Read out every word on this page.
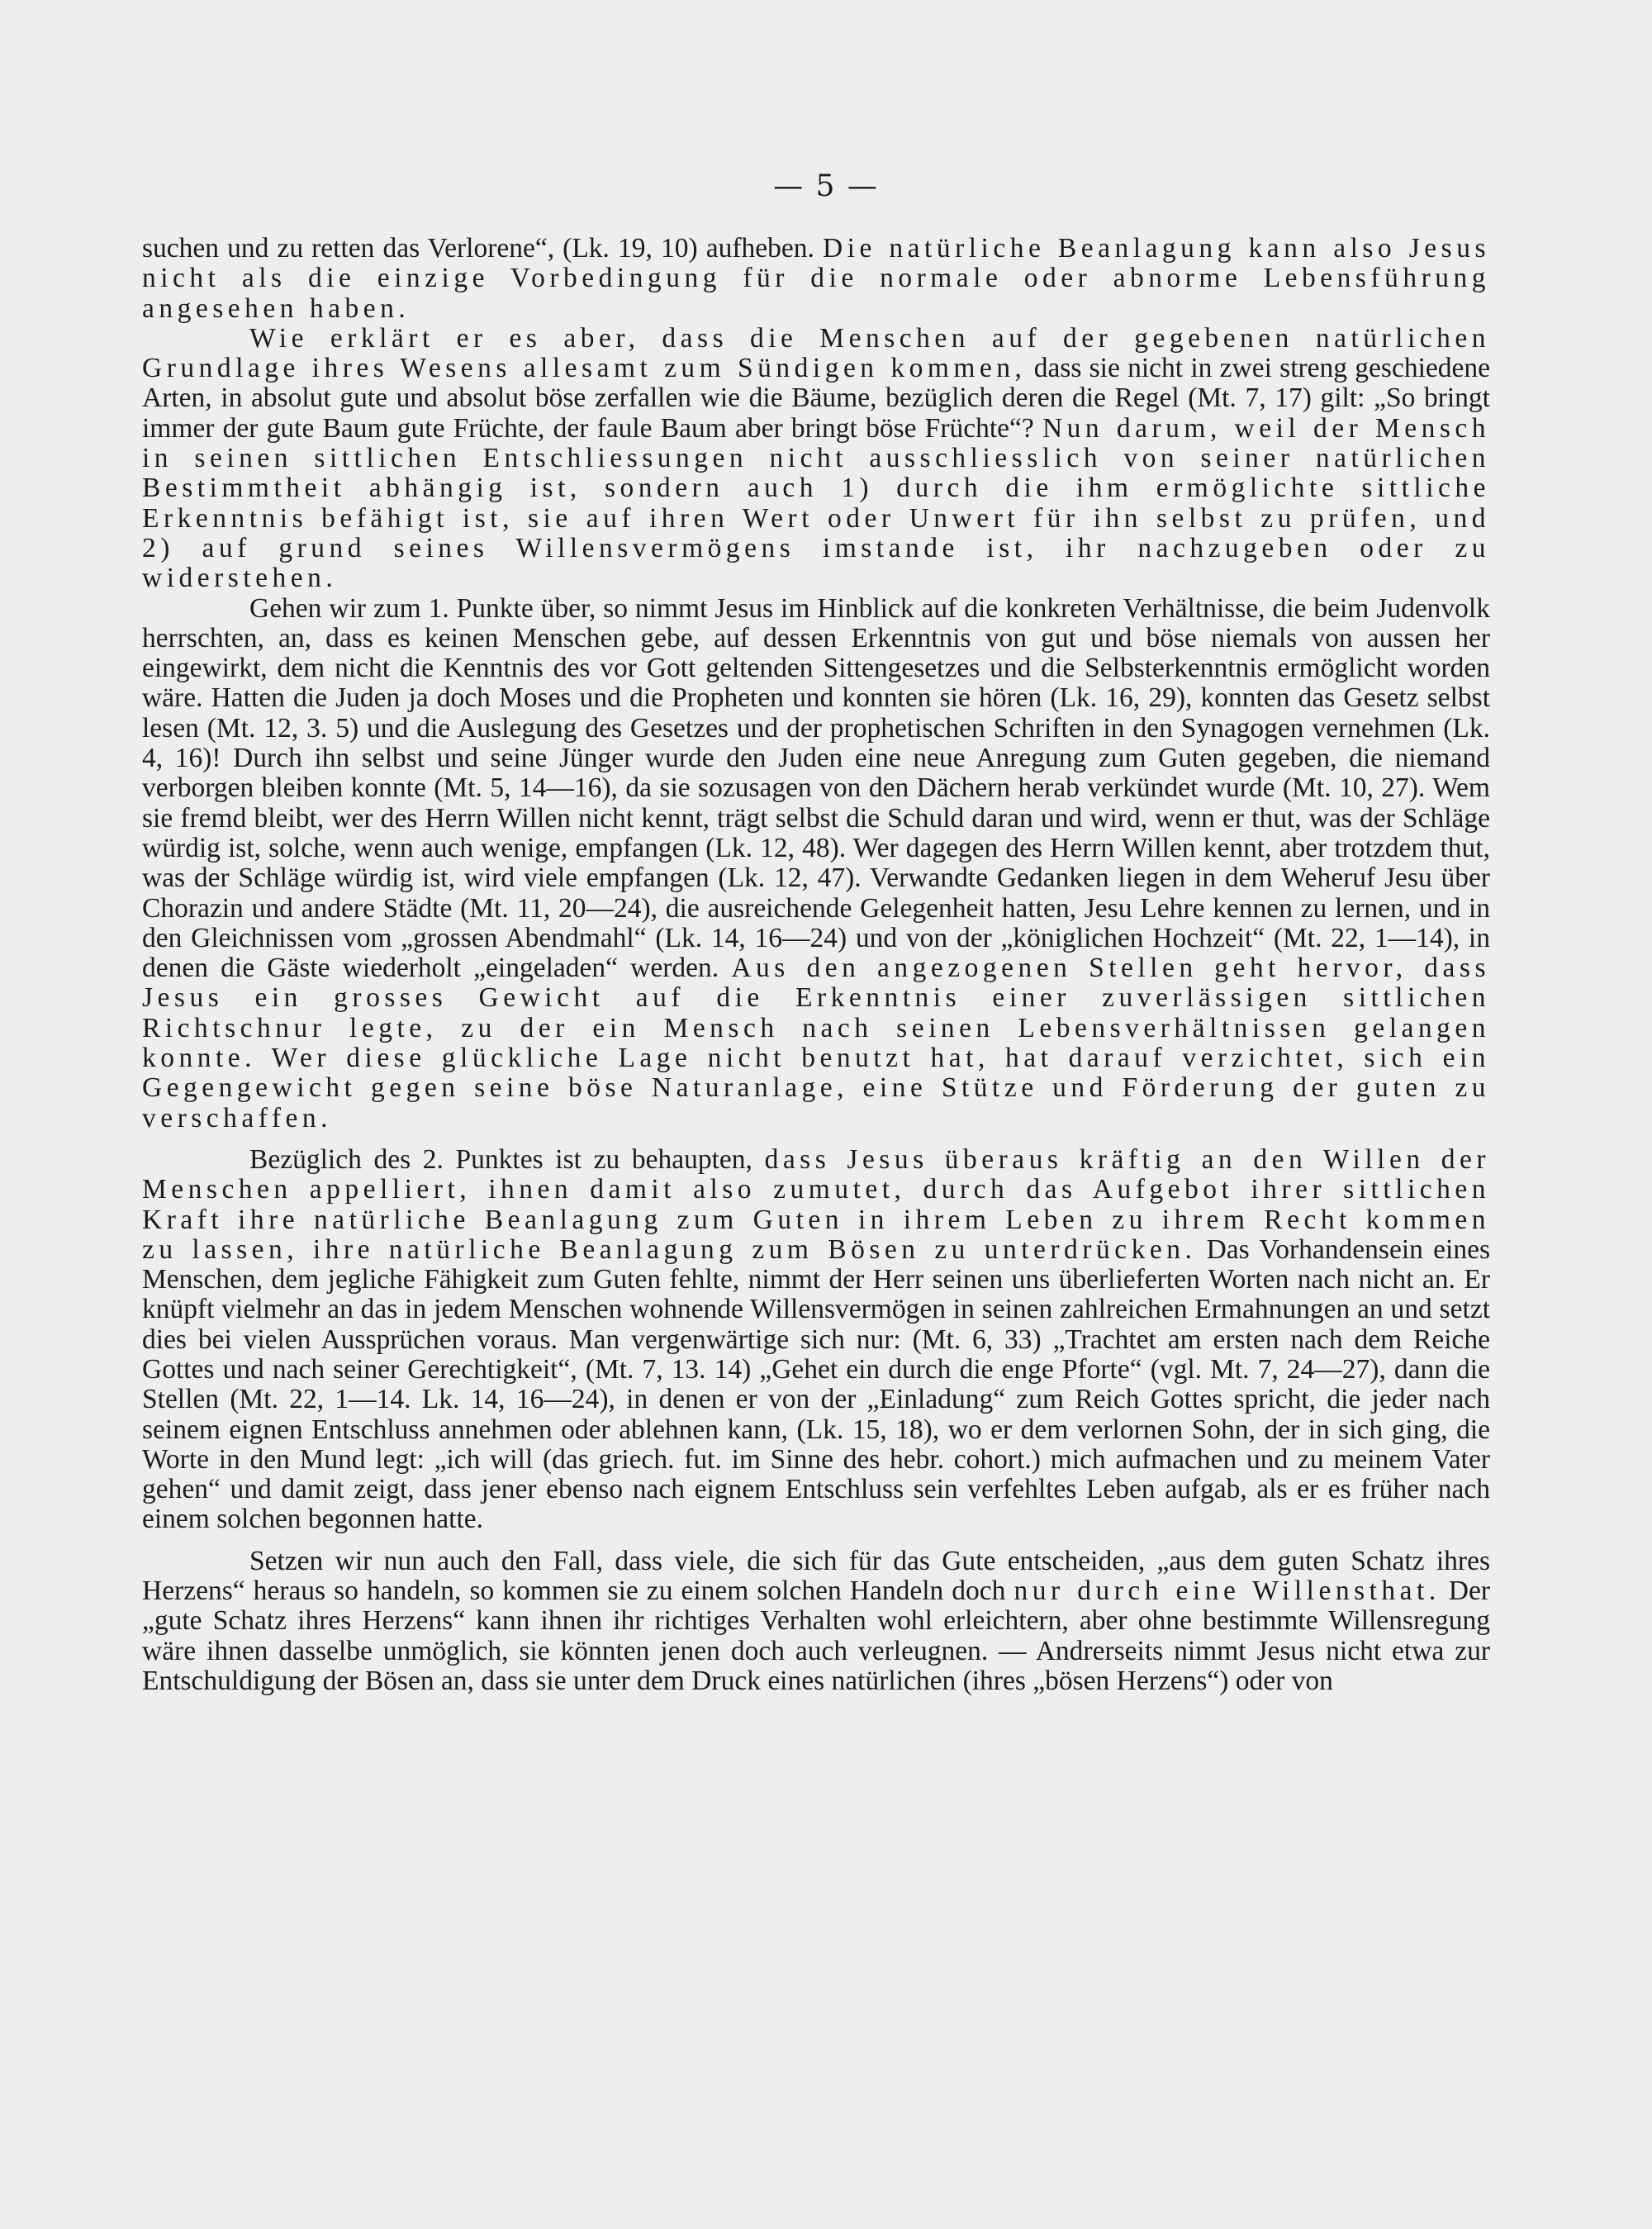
— 5 —

suchen und zu retten das Verlorene“, (Lk. 19, 10) aufheben. Die natürliche Beanlagung kann also Jesus nicht als die einzige Vorbedingung für die normale oder abnorme Lebensführung angesehen haben.

Wie erklärt er es aber, dass die Menschen auf der gegebenen natürlichen Grundlage ihres Wesens allesamt zum Sündigen kommen, dass sie nicht in zwei streng geschiedene Arten, in absolut gute und absolut böse zerfallen wie die Bäume, bezüglich deren die Regel (Mt. 7, 17) gilt: „So bringt immer der gute Baum gute Früchte, der faule Baum aber bringt böse Früchte“? Nun darum, weil der Mensch in seinen sittlichen Entschliessungen nicht ausschliesslich von seiner natürlichen Bestimmtheit abhängig ist, sondern auch 1) durch die ihm ermöglichte sittliche Erkenntnis befähigt ist, sie auf ihren Wert oder Unwert für ihn selbst zu prüfen, und 2) auf grund seines Willensvermögens imstande ist, ihr nachzugeben oder zu widerstehen.

Gehen wir zum 1. Punkte über, so nimmt Jesus im Hinblick auf die konkreten Verhältnisse, die beim Judenvolk herrschten, an, dass es keinen Menschen gebe, auf dessen Erkenntnis von gut und böse niemals von aussen her eingewirkt, dem nicht die Kenntnis des vor Gott geltenden Sittengesetzes und die Selbsterkenntnis ermöglicht worden wäre. Hatten die Juden ja doch Moses und die Propheten und konnten sie hören (Lk. 16, 29), konnten das Gesetz selbst lesen (Mt. 12, 3. 5) und die Auslegung des Gesetzes und der prophetischen Schriften in den Synagogen vernehmen (Lk. 4, 16)! Durch ihn selbst und seine Jünger wurde den Juden eine neue Anregung zum Guten gegeben, die niemand verborgen bleiben konnte (Mt. 5, 14—16), da sie sozusagen von den Dächern herab verkündet wurde (Mt. 10, 27). Wem sie fremd bleibt, wer des Herrn Willen nicht kennt, trägt selbst die Schuld daran und wird, wenn er thut, was der Schläge würdig ist, solche, wenn auch wenige, empfangen (Lk. 12, 48). Wer dagegen des Herrn Willen kennt, aber trotzdem thut, was der Schläge würdig ist, wird viele empfangen (Lk. 12, 47). Verwandte Gedanken liegen in dem Weheruf Jesu über Chorazin und andere Städte (Mt. 11, 20—24), die ausreichende Gelegenheit hatten, Jesu Lehre kennen zu lernen, und in den Gleichnissen vom „grossen Abendmahl“ (Lk. 14, 16—24) und von der „königlichen Hochzeit“ (Mt. 22, 1—14), in denen die Gäste wiederholt „eingeladen“ werden. Aus den angezogenen Stellen geht hervor, dass Jesus ein grosses Gewicht auf die Erkenntnis einer zuverlässigen sittlichen Richtschnur legte, zu der ein Mensch nach seinen Lebensverhältnissen gelangen konnte. Wer diese glückliche Lage nicht benutzt hat, hat darauf verzichtet, sich ein Gegengewicht gegen seine böse Naturanlage, eine Stütze und Förderung der guten zu verschaffen.

Bezüglich des 2. Punktes ist zu behaupten, dass Jesus überaus kräftig an den Willen der Menschen appelliert, ihnen damit also zumutet, durch das Aufgebot ihrer sittlichen Kraft ihre natürliche Beanlagung zum Guten in ihrem Leben zu ihrem Recht kommen zu lassen, ihre natürliche Beanlagung zum Bösen zu unterdrücken. Das Vorhandensein eines Menschen, dem jegliche Fähigkeit zum Guten fehlte, nimmt der Herr seinen uns überlieferten Worten nach nicht an. Er knüpft vielmehr an das in jedem Menschen wohnende Willensvermögen in seinen zahlreichen Ermahnungen an und setzt dies bei vielen Aussprüchen voraus. Man vergenwärtige sich nur: (Mt. 6, 33) „Trachtet am ersten nach dem Reiche Gottes und nach seiner Gerechtigkeit“, (Mt. 7, 13. 14) „Gehet ein durch die enge Pforte“ (vgl. Mt. 7, 24—27), dann die Stellen (Mt. 22, 1—14. Lk. 14, 16—24), in denen er von der „Einladung“ zum Reich Gottes spricht, die jeder nach seinem eignen Entschluss annehmen oder ablehnen kann, (Lk. 15, 18), wo er dem verlornen Sohn, der in sich ging, die Worte in den Mund legt: „ich will (das griech. fut. im Sinne des hebr. cohort.) mich aufmachen und zu meinem Vater gehen“ und damit zeigt, dass jener ebenso nach eignem Entschluss sein verfehltes Leben aufgab, als er es früher nach einem solchen begonnen hatte.

Setzen wir nun auch den Fall, dass viele, die sich für das Gute entscheiden, „aus dem guten Schatz ihres Herzens“ heraus so handeln, so kommen sie zu einem solchen Handeln doch nur durch eine Willensthat. Der „gute Schatz ihres Herzens“ kann ihnen ihr richtiges Verhalten wohl erleichtern, aber ohne bestimmte Willensregung wäre ihnen dasselbe unmöglich, sie könnten jenen doch auch verleugnen. — Andrerseits nimmt Jesus nicht etwa zur Entschuldigung der Bösen an, dass sie unter dem Druck eines natürlichen (ihres „bösen Herzens“) oder von
